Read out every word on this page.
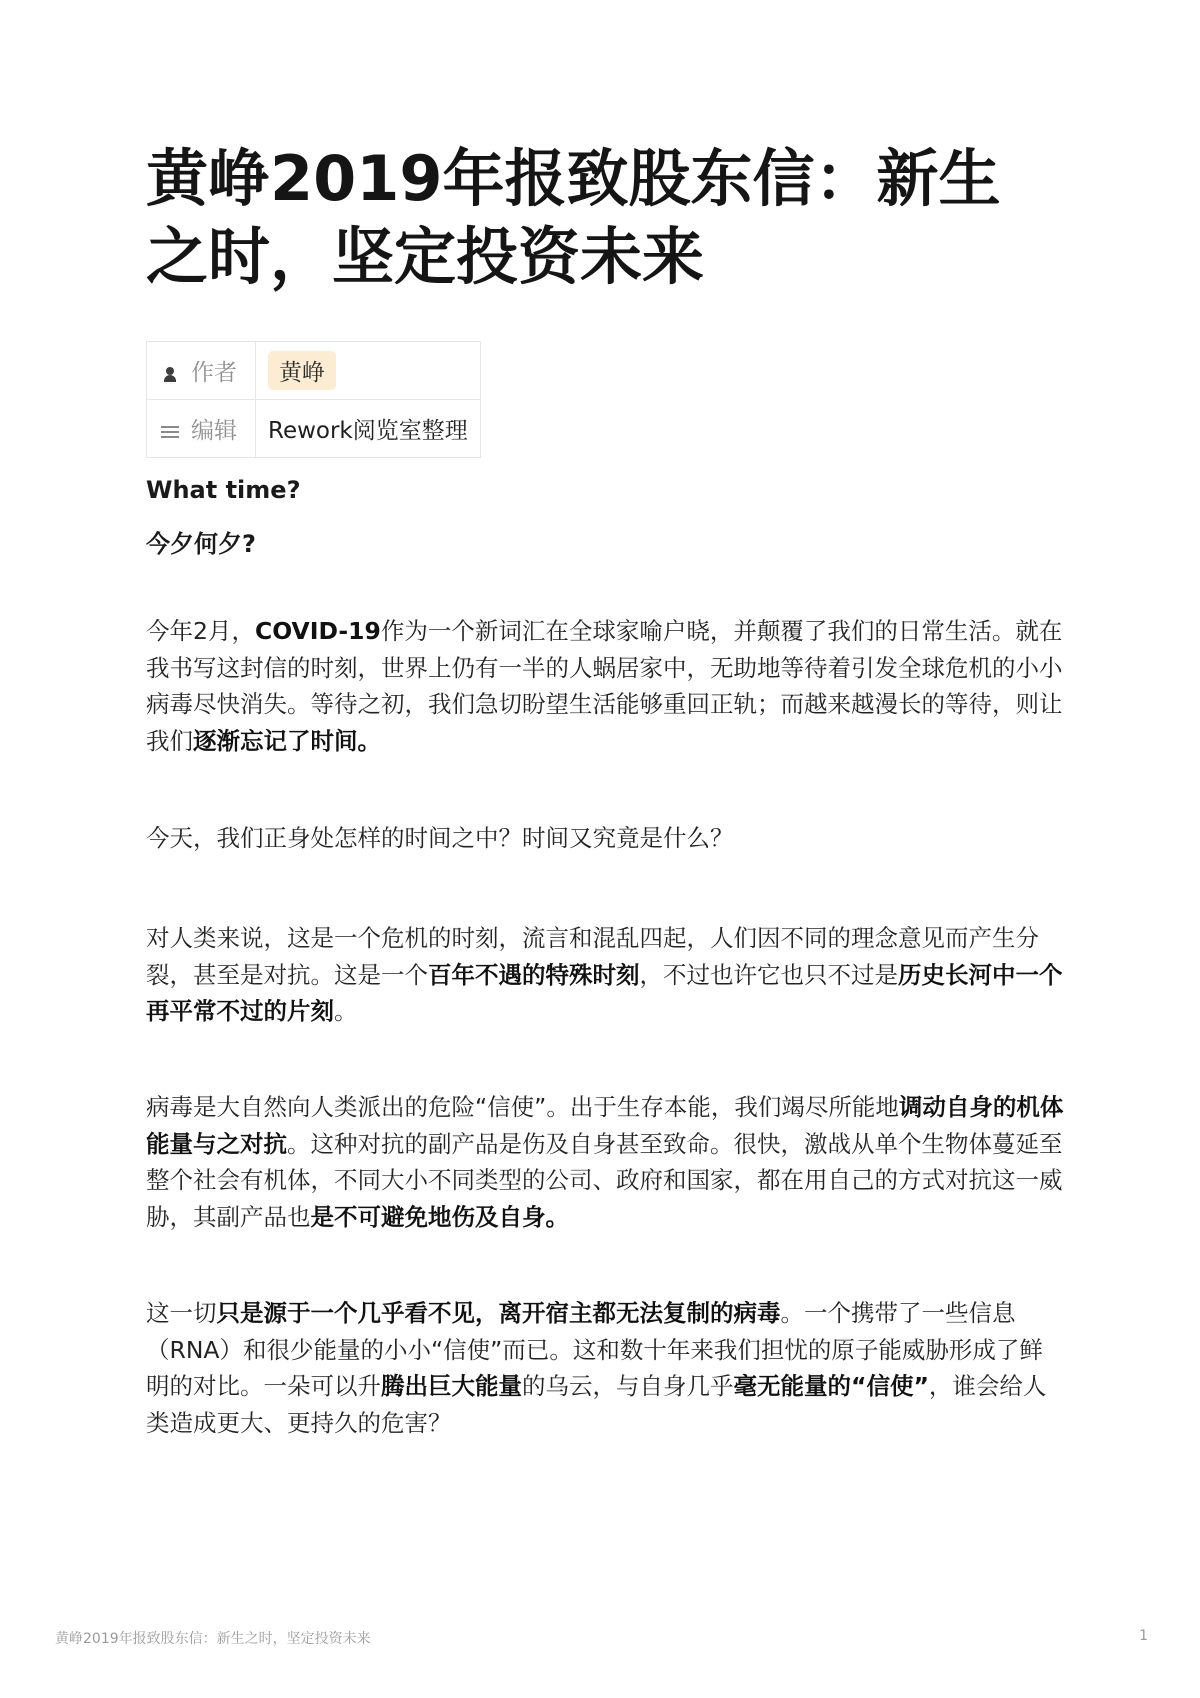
黄峥2019年报致股东信：新生之时，坚定投资未来
作者	黄峥

编辑	Rework阅览室整理

What time?

今夕何夕?

今年2月，COVID-19作为一个新词汇在全球家喻户晓，并颠覆了我们的日常生活。就在我书写这封信的时刻，世界上仍有一半的人蜗居家中，无助地等待着引发全球危机的小小病毒尽快消失。等待之初，我们急切盼望生活能够重回正轨；而越来越漫长的等待，则让我们逐渐忘记了时间。

今天，我们正身处怎样的时间之中？时间又究竟是什么？

对人类来说，这是一个危机的时刻，流言和混乱四起，人们因不同的理念意见而产生分裂，甚至是对抗。这是一个百年不遇的特殊时刻，不过也许它也只不过是历史长河中一个再平常不过的片刻。

病毒是大自然向人类派出的危险“信使”。出于生存本能，我们竭尽所能地调动自身的机体能量与之对抗。这种对抗的副产品是伤及自身甚至致命。很快，激战从单个生物体蔓延至整个社会有机体，不同大小不同类型的公司、政府和国家，都在用自己的方式对抗这一威胁，其副产品也是不可避免地伤及自身。

这一切只是源于一个几乎看不见，离开宿主都无法复制的病毒。一个携带了一些信息（RNA）和很少能量的小小“信使”而已。这和数十年来我们担忧的原子能威胁形成了鲜明的对比。一朵可以升腾出巨大能量的乌云，与自身几乎毫无能量的“信使”，谁会给人类造成更大、更持久的危害？

黄峥2019年报致股东信：新生之时，坚定投资未来	1
